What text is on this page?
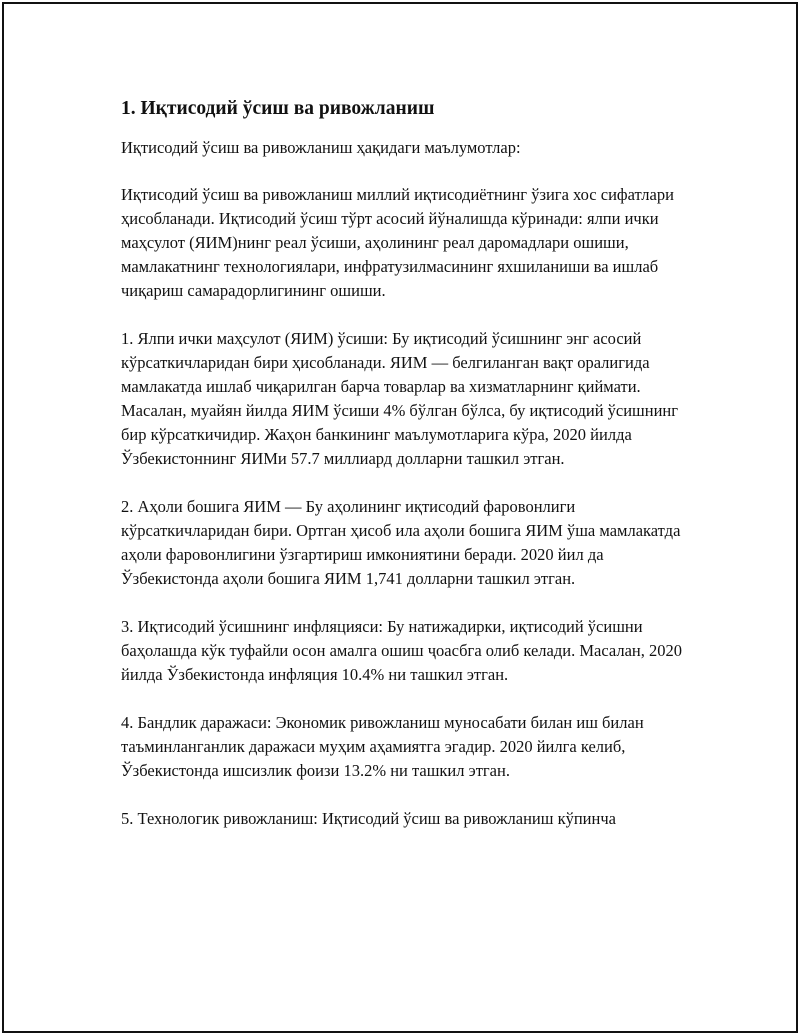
1. Иқтисодий ўсиш ва ривожланиш
Иқтисодий ўсиш ва ривожланиш ҳақидаги маълумотлар:
Иқтисодий ўсиш ва ривожланиш миллий иқтисодиётнинг ўзига хос сифатлари ҳисобланади. Иқтисодий ўсиш тўрт асосий йўналишда кўринади: ялпи ички маҳсулот (ЯИМ)нинг реал ўсиши, аҳолининг реал даромадлари ошиши, мамлакатнинг технологиялари, инфратузилмасининг яхшиланиши ва ишлаб чиқариш самарадорлигининг ошиши.
1. Ялпи ички маҳсулот (ЯИМ) ўсиши: Бу иқтисодий ўсишнинг энг асосий кўрсаткичларидан бири ҳисобланади. ЯИМ — белгиланган вақт оралигида мамлакатда ишлаб чиқарилган барча товарлар ва хизматларнинг қиймати. Масалан, муайян йилда ЯИМ ўсиши 4% бўлган бўлса, бу иқтисодий ўсишнинг бир кўрсаткичидир. Жаҳон банкининг маълумотларига кўра, 2020 йилда Ўзбекистоннинг ЯИМи 57.7 миллиард долларни ташкил этган.
2. Аҳоли бошига ЯИМ — Бу аҳолининг иқтисодий фаровонлиги кўрсаткичларидан бири. Ортган ҳисоб ила аҳоли бошига ЯИМ ўша мамлакатда аҳоли фаровонлигини ўзгартириш имкониятини беради. 2020 йил да Ўзбекистонда аҳоли бошига ЯИМ 1,741 долларни ташкил этган.
3. Иқтисодий ўсишнинг инфляцияси: Бу натижадирки, иқтисодий ўсишни баҳолашда кўк туфайли осон амалга ошиш ҷоасбга олиб келади. Масалан, 2020 йилда Ўзбекистонда инфляция 10.4% ни ташкил этган.
4. Бандлик даражаси: Экономик ривожланиш муносабати билан иш билан таъминланганлик даражаси муҳим аҳамиятга эгадир. 2020 йилга келиб, Ўзбекистонда ишсизлик фоизи 13.2% ни ташкил этган.
5. Технологик ривожланиш: Иқтисодий ўсиш ва ривожланиш кўпинча
